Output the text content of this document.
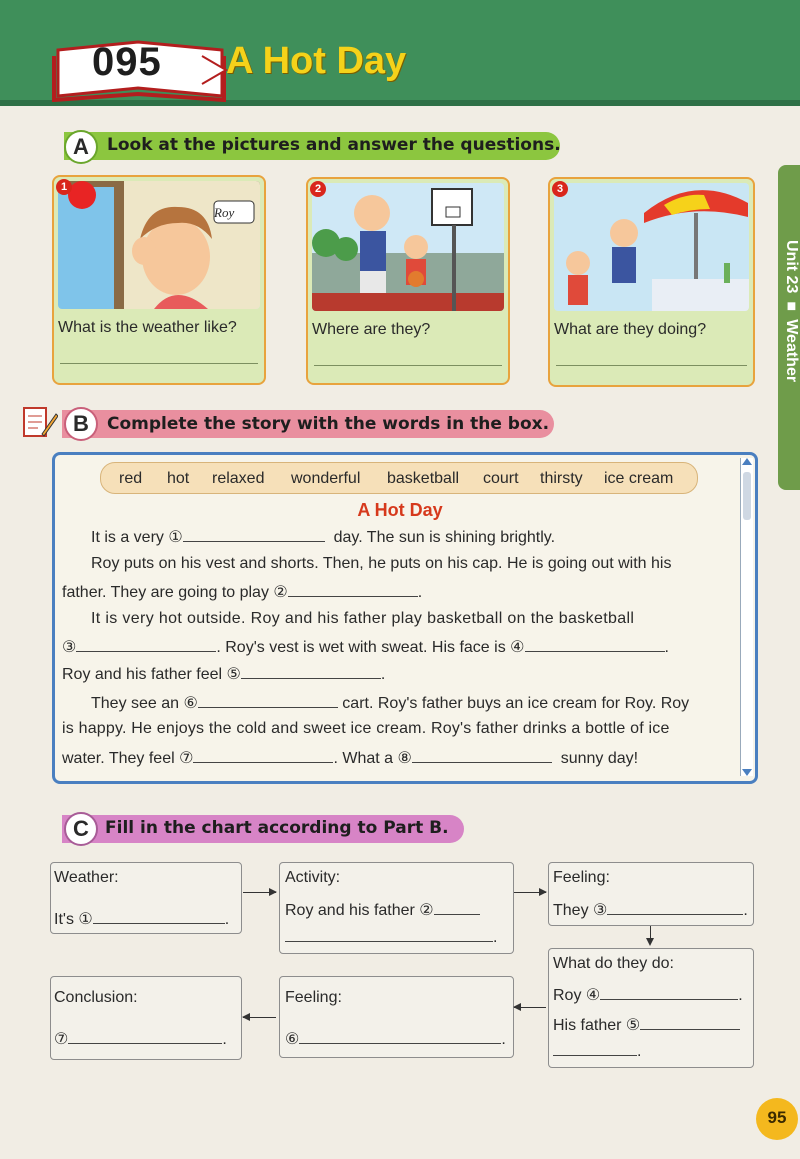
095 A Hot Day
Unit 23 ■ Weather
A	Look at the pictures and answer the questions.
1
Roy
What is the weather like?
2
Where are they?
3
What are they doing?
B	Complete the story with the words in the box.
red hot relaxed wonderful basketball court thirsty ice cream
A Hot Day
It is a very ①	day. The sun is shining brightly.
Roy puts on his vest and shorts. Then, he puts on his cap. He is going out with his
father. They are going to play ②	.
It is very hot outside. Roy and his father play basketball on the basketball
③	. Roy's vest is wet with sweat. His face is ④	.
Roy and his father feel ⑤	.
They see an ⑥	cart. Roy's father buys an ice cream for Roy. Roy
is happy. He enjoys the cold and sweet ice cream. Roy's father drinks a bottle of ice
water. They feel ⑦	. What a ⑧	sunny day!
C Fill in the chart according to Part B.
Weather:
It's ①	.
Activity:
Roy and his father ②
.
Feeling:
They ③	.
What do they do:
Roy ④	.
His father ⑤
.
Feeling:
⑥	.
Conclusion:
⑦	.
95
